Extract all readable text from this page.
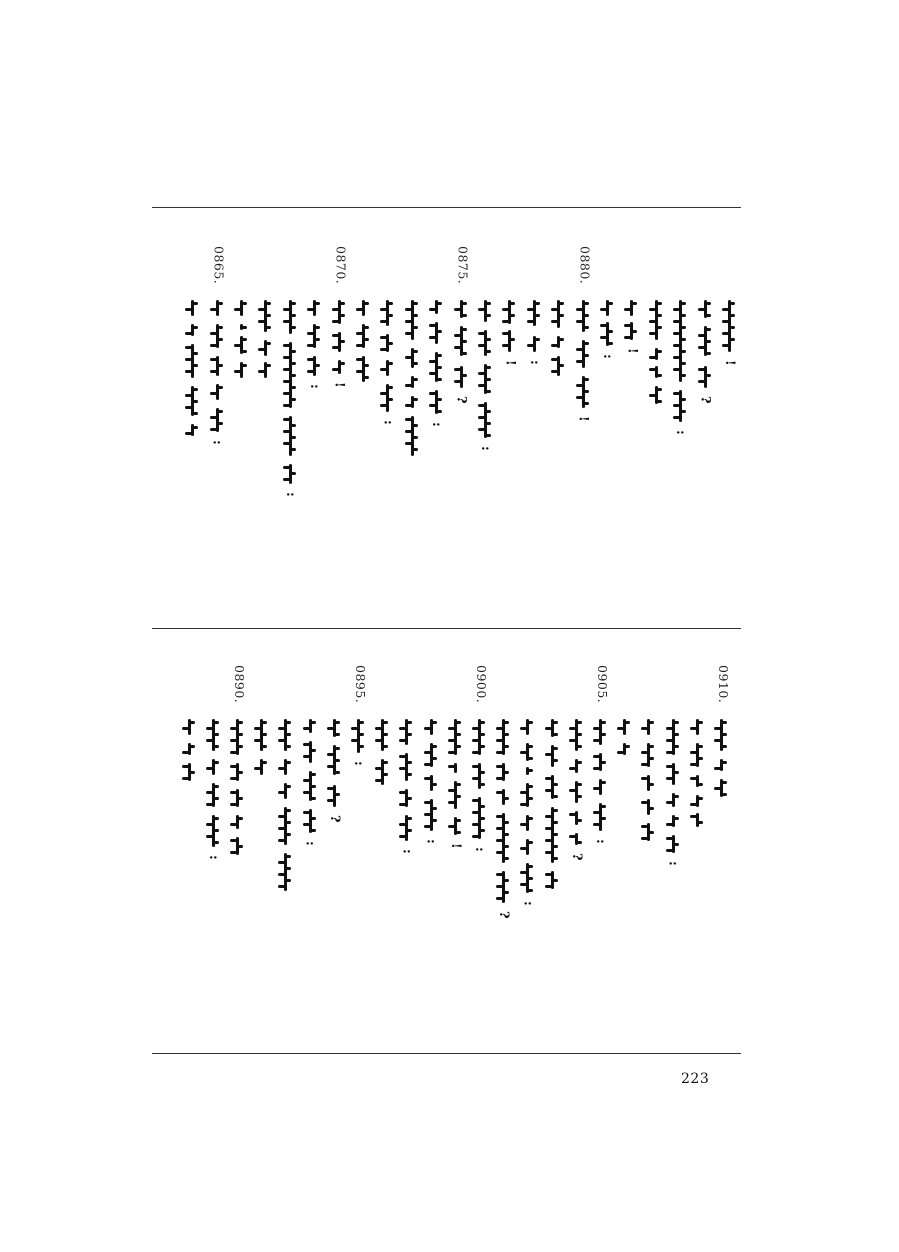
!
?
:
!
:
0880.
!
:
!
:
0875.
?
:
:
0870.
!
:
:
0865.
:
0910.
:
0905.
:
?
:
?
0900.
:
!
:
:
0895.
:
?
:
0890.
:
223
